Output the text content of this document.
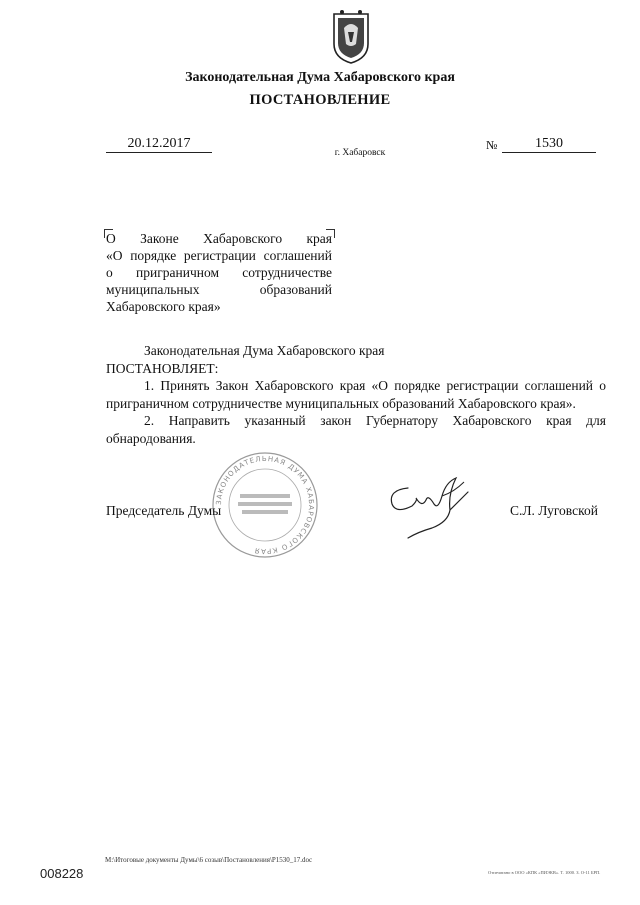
Законодательная Дума Хабаровского края
ПОСТАНОВЛЕНИЕ
20.12.2017
г. Хабаровск
№	1530
О Законе Хабаровского края
«О порядке регистрации соглашений
о приграничном сотрудничестве
муниципальных образований
Хабаровского края»

Законодательная Дума Хабаровского края

ПОСТАНОВЛЯЕТ:

1. Принять Закон Хабаровского края «О порядке регистрации соглашений о приграничном сотрудничестве муниципальных образований Хабаровского края».

2. Направить указанный закон Губернатору Хабаровского края для обнародования.

ЗАКОНОДАТЕЛЬНАЯ ДУМА ХАБАРОВСКОГО КРАЯ
Председатель Думы	С.Л. Луговской
М:\Итоговые документы Думы\6 созыв\Постановления\Р1530_17.doc
Отпечатано в ООО «КПК «ПИЭКВ». Т. 1000. З. О-11 БРП.
008228
